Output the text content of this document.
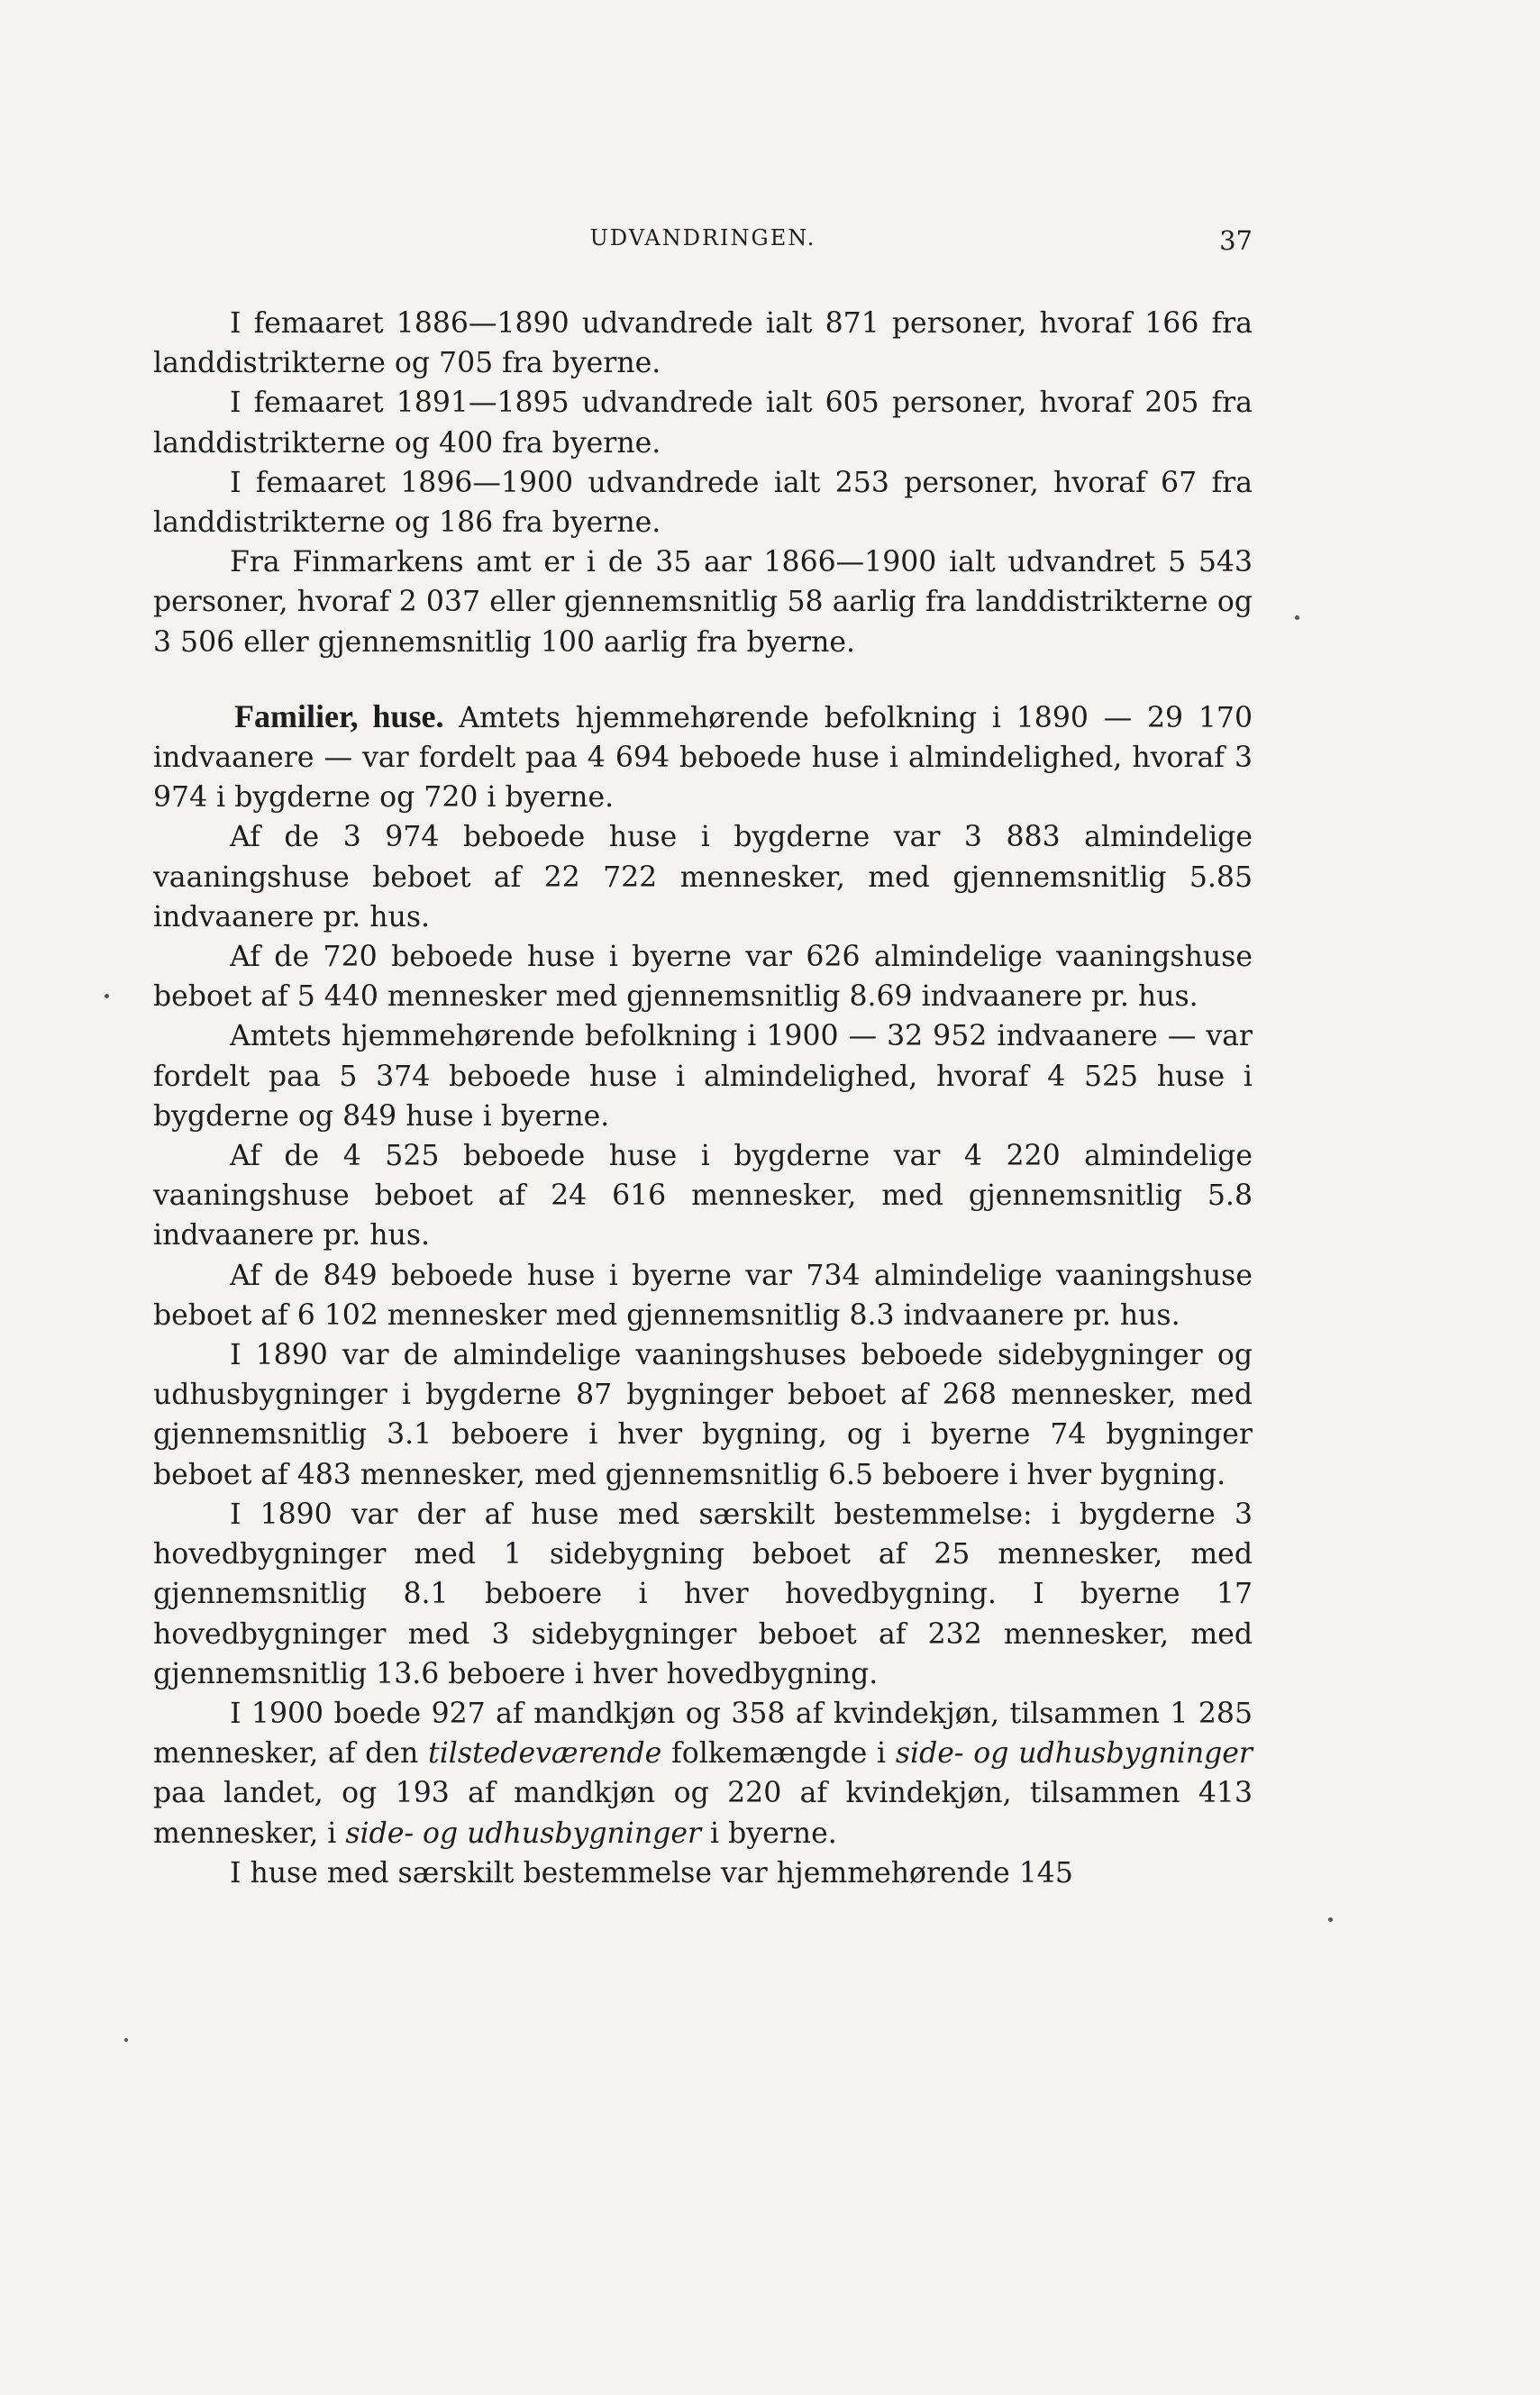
UDVANDRINGEN.	37

I femaaret 1886—1890 udvandrede ialt 871 personer, hvoraf 166 fra landdistrikterne og 705 fra byerne.

I femaaret 1891—1895 udvandrede ialt 605 personer, hvoraf 205 fra landdistrikterne og 400 fra byerne.

I femaaret 1896—1900 udvandrede ialt 253 personer, hvoraf 67 fra landdistrikterne og 186 fra byerne.

Fra Finmarkens amt er i de 35 aar 1866—1900 ialt udvandret 5 543 personer, hvoraf 2 037 eller gjennemsnitlig 58 aarlig fra landdistrikterne og 3 506 eller gjennemsnitlig 100 aarlig fra byerne.

Familier, huse. Amtets hjemmehørende befolkning i 1890 — 29 170 indvaanere — var fordelt paa 4 694 beboede huse i almindelighed, hvoraf 3 974 i bygderne og 720 i byerne.

Af de 3 974 beboede huse i bygderne var 3 883 almindelige vaaningshuse beboet af 22 722 mennesker, med gjennemsnitlig 5.85 indvaanere pr. hus.

Af de 720 beboede huse i byerne var 626 almindelige vaaningshuse beboet af 5 440 mennesker med gjennemsnitlig 8.69 indvaanere pr. hus.

Amtets hjemmehørende befolkning i 1900 — 32 952 indvaanere — var fordelt paa 5 374 beboede huse i almindelighed, hvoraf 4 525 huse i bygderne og 849 huse i byerne.

Af de 4 525 beboede huse i bygderne var 4 220 almindelige vaaningshuse beboet af 24 616 mennesker, med gjennemsnitlig 5.8 indvaanere pr. hus.

Af de 849 beboede huse i byerne var 734 almindelige vaaningshuse beboet af 6 102 mennesker med gjennemsnitlig 8.3 indvaanere pr. hus.

I 1890 var de almindelige vaaningshuses beboede sidebygninger og udhusbygninger i bygderne 87 bygninger beboet af 268 mennesker, med gjennemsnitlig 3.1 beboere i hver bygning, og i byerne 74 bygninger beboet af 483 mennesker, med gjennemsnitlig 6.5 beboere i hver bygning.

I 1890 var der af huse med særskilt bestemmelse: i bygderne 3 hovedbygninger med 1 sidebygning beboet af 25 mennesker, med gjennemsnitlig 8.1 beboere i hver hovedbygning. I byerne 17 hovedbygninger med 3 sidebygninger beboet af 232 mennesker, med gjennemsnitlig 13.6 beboere i hver hovedbygning.

I 1900 boede 927 af mandkjøn og 358 af kvindekjøn, tilsammen 1 285 mennesker, af den tilstedeværende folkemængde i side- og udhusbygninger paa landet, og 193 af mandkjøn og 220 af kvindekjøn, tilsammen 413 mennesker, i side- og udhusbygninger i byerne.

I huse med særskilt bestemmelse var hjemmehørende 145
